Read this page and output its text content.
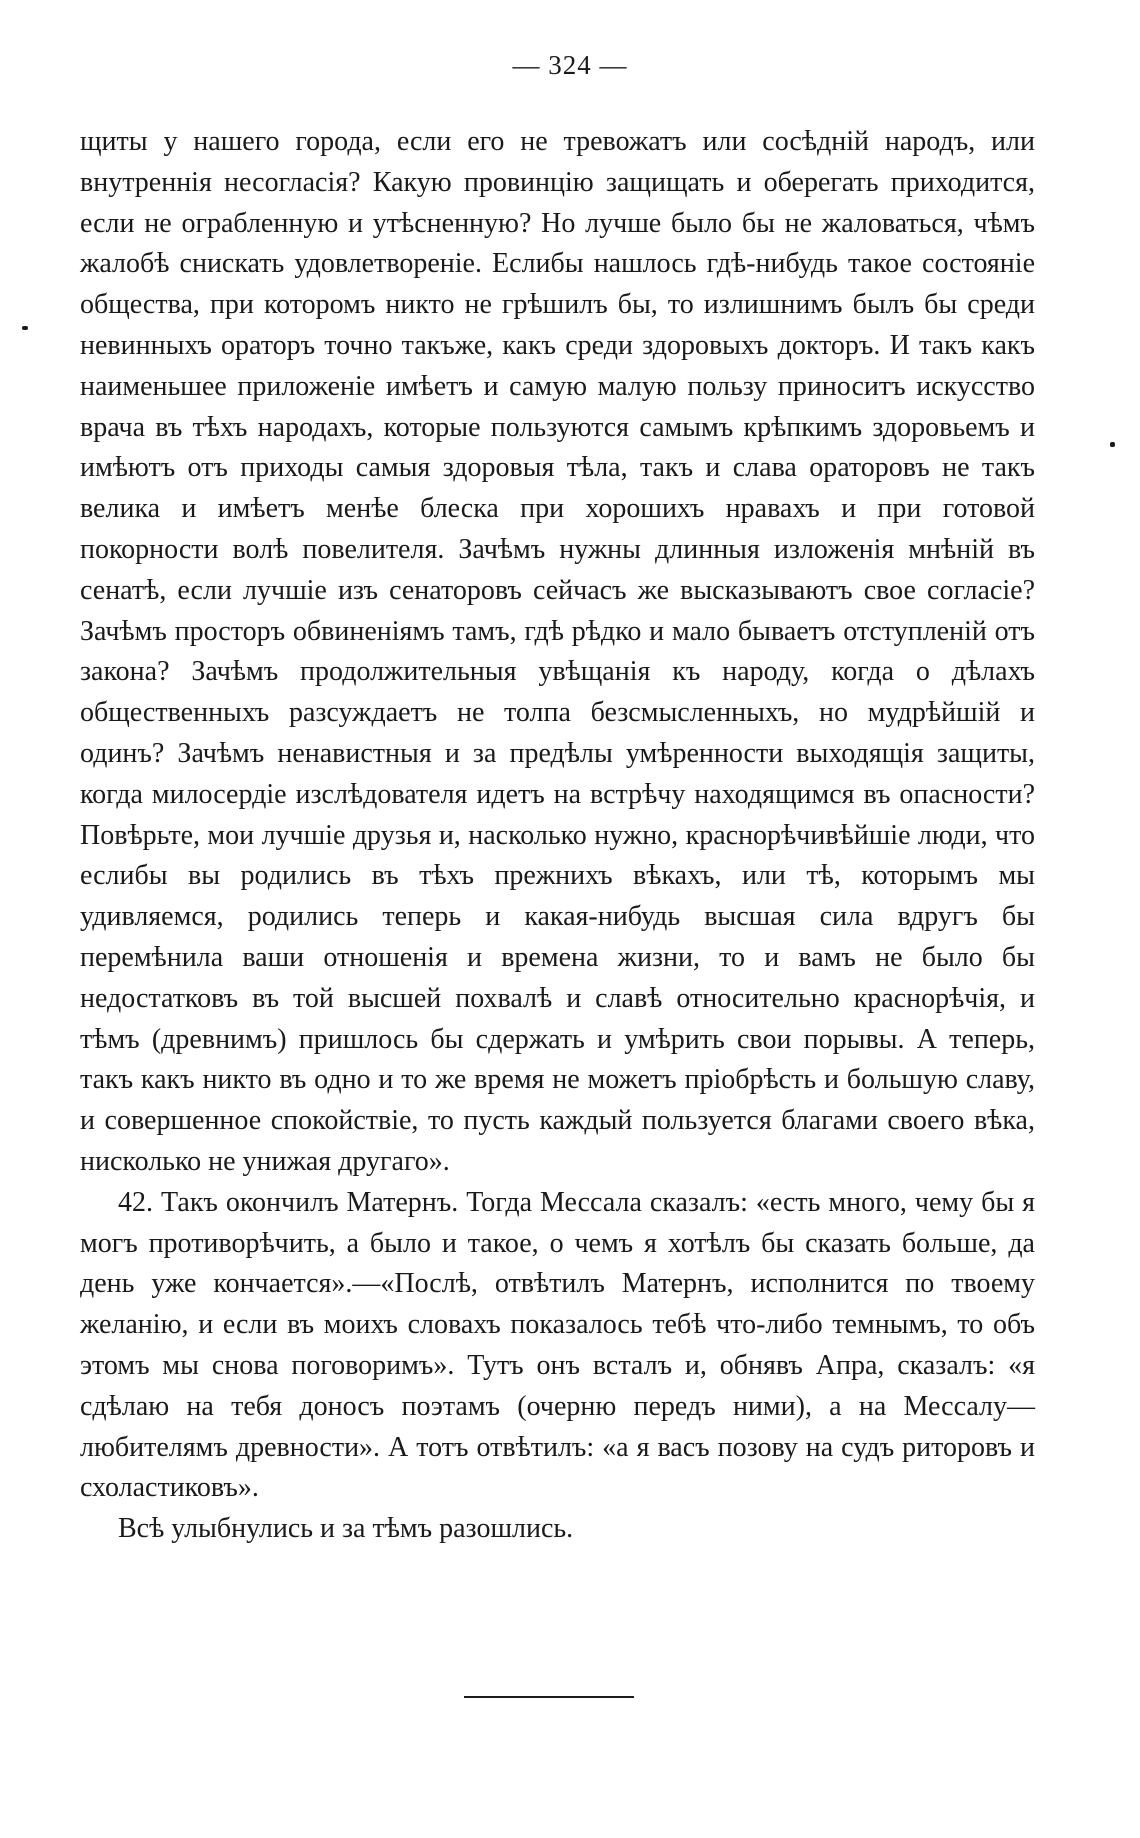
— 324 —

щиты у нашего города, если его не тревожатъ или сосѣднiй народъ, или внутреннiя несогласiя? Какую провинцiю защищать и оберегать приходится, если не ограбленную и утѣсненную? Но лучше было бы не жаловаться, чѣмъ жалобѣ снискать удовлетворенiе. Еслибы нашлось гдѣ-нибудь такое состоянiе общества, при которомъ никто не грѣшилъ бы, то излишнимъ былъ бы среди невинныхъ ораторъ точно такъже, какъ среди здоровыхъ докторъ. И такъ какъ наименьшее приложенiе имѣетъ и самую малую пользу приноситъ искусство врача въ тѣхъ народахъ, которые пользуются самымъ крѣпкимъ здоровьемъ и имѣютъ отъ приходы самыя здоровыя тѣла, такъ и слава ораторовъ не такъ велика и имѣетъ менѣе блеска при хорошихъ нравахъ и при готовой покорности волѣ повелителя. Зачѣмъ нужны длинныя изложенiя мнѣнiй въ сенатѣ, если лучшiе изъ сенаторовъ сейчасъ же высказываютъ свое согласiе? Зачѣмъ просторъ обвиненiямъ тамъ, гдѣ рѣдко и мало бываетъ отступленiй отъ закона? Зачѣмъ продолжительныя увѣщанiя къ народу, когда о дѣлахъ общественныхъ разсуждаетъ не толпа безсмысленныхъ, но мудрѣйшiй и одинъ? Зачѣмъ ненавистныя и за предѣлы умѣренности выходящiя защиты, когда милосердiе изслѣдователя идетъ на встрѣчу находящимся въ опасности? Повѣрьте, мои лучшiе друзья и, насколько нужно, краснорѣчивѣйшiе люди, что еслибы вы родились въ тѣхъ прежнихъ вѣкахъ, или тѣ, которымъ мы удивляемся, родились теперь и какая-нибудь высшая сила вдругъ бы перемѣнила ваши отношенiя и времена жизни, то и вамъ не было бы недостатковъ въ той высшей похвалѣ и славѣ относительно краснорѣчiя, и тѣмъ (древнимъ) пришлось бы сдержать и умѣрить свои порывы. А теперь, такъ какъ никто въ одно и то же время не можетъ прiобрѣсть и большую славу, и совершенное спокойствiе, то пусть каждый пользуется благами своего вѣка, нисколько не унижая другаго».

42. Такъ окончилъ Матернъ. Тогда Мессала сказалъ: «есть много, чему бы я могъ противорѣчить, а было и такое, о чемъ я хотѣлъ бы сказать больше, да день уже кончается».—«Послѣ, отвѣтилъ Матернъ, исполнится по твоему желанiю, и если въ моихъ словахъ показалось тебѣ что-либо темнымъ, то объ этомъ мы снова поговоримъ». Тутъ онъ всталъ и, обнявъ Апра, сказалъ: «я сдѣлаю на тебя доносъ поэтамъ (очерню передъ ними), а на Мессалу—любителямъ древности». А тотъ отвѣтилъ: «а я васъ позову на судъ риторовъ и схоластиковъ».

Всѣ улыбнулись и за тѣмъ разошлись.
